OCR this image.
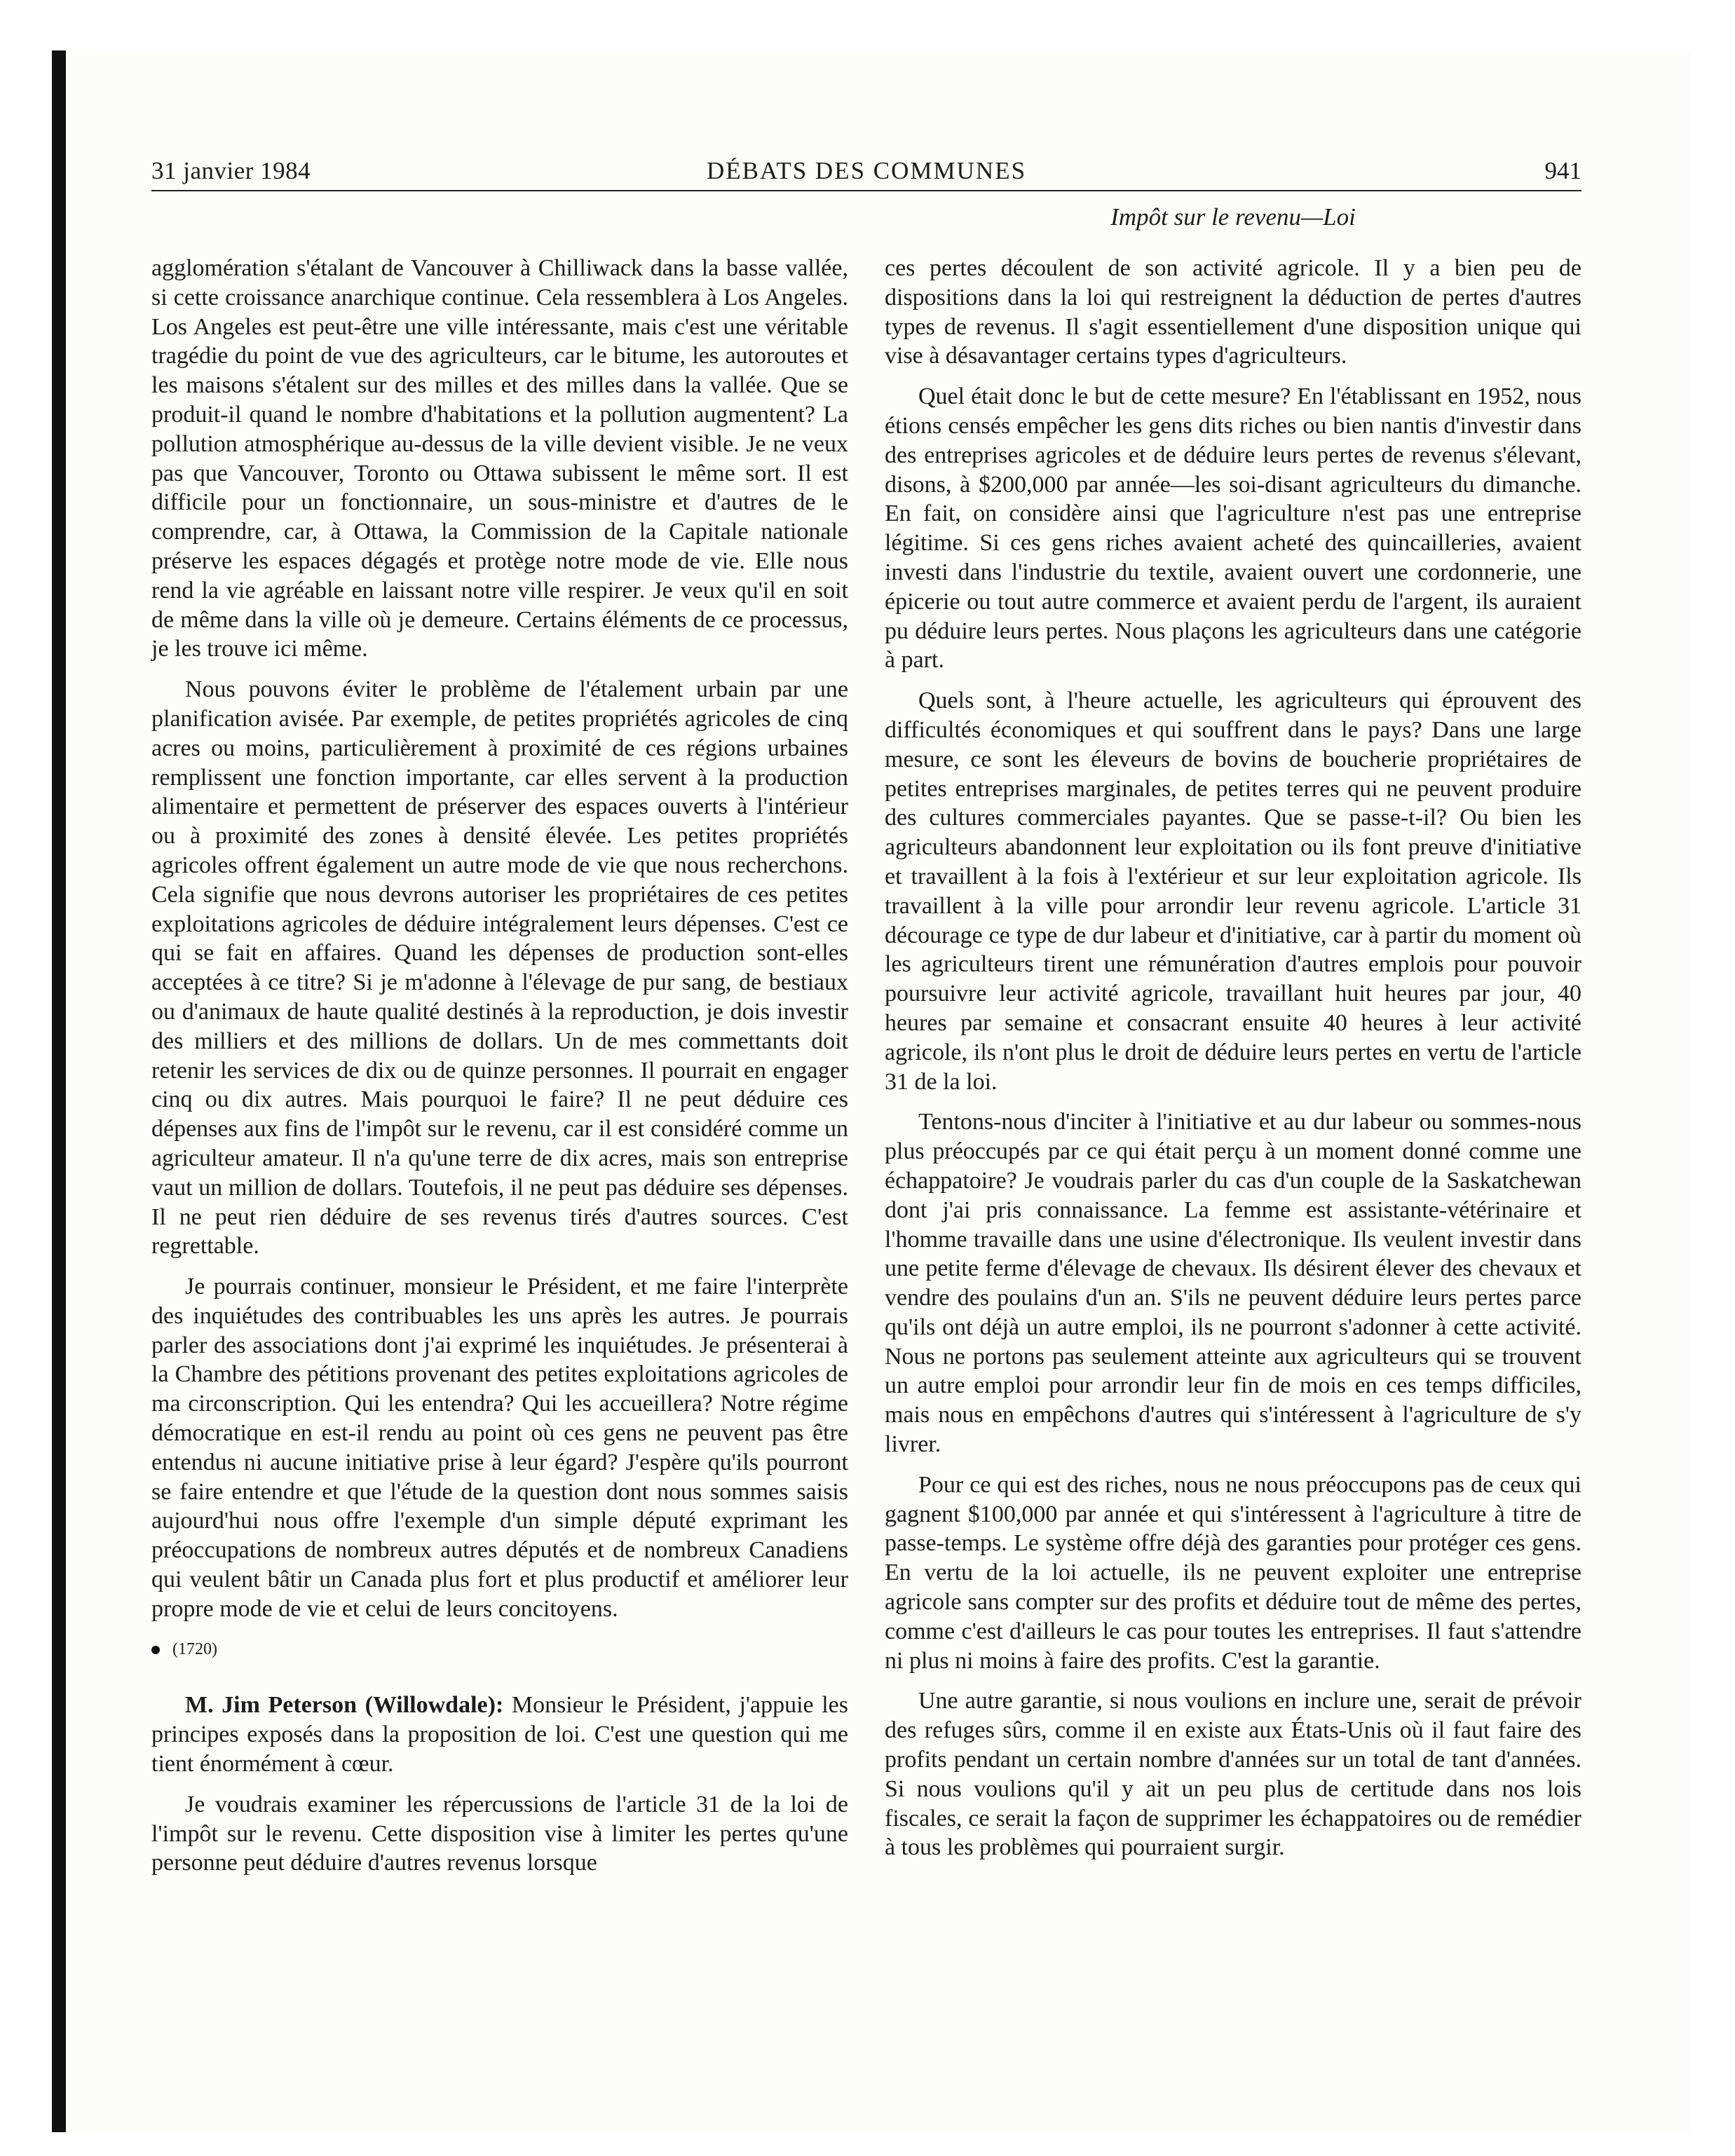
31 janvier 1984	DÉBATS DES COMMUNES	941
Impôt sur le revenu—Loi

agglomération s'étalant de Vancouver à Chilliwack dans la basse vallée, si cette croissance anarchique continue. Cela ressemblera à Los Angeles. Los Angeles est peut-être une ville intéressante, mais c'est une véritable tragédie du point de vue des agriculteurs, car le bitume, les autoroutes et les maisons s'étalent sur des milles et des milles dans la vallée. Que se produit-il quand le nombre d'habitations et la pollution augmentent? La pollution atmosphérique au-dessus de la ville devient visible. Je ne veux pas que Vancouver, Toronto ou Ottawa subissent le même sort. Il est difficile pour un fonctionnaire, un sous-ministre et d'autres de le comprendre, car, à Ottawa, la Commission de la Capitale nationale préserve les espaces dégagés et protège notre mode de vie. Elle nous rend la vie agréable en laissant notre ville respirer. Je veux qu'il en soit de même dans la ville où je demeure. Certains éléments de ce processus, je les trouve ici même.

Nous pouvons éviter le problème de l'étalement urbain par une planification avisée. Par exemple, de petites propriétés agricoles de cinq acres ou moins, particulièrement à proximité de ces régions urbaines remplissent une fonction importante, car elles servent à la production alimentaire et permettent de préserver des espaces ouverts à l'intérieur ou à proximité des zones à densité élevée. Les petites propriétés agricoles offrent également un autre mode de vie que nous recherchons. Cela signifie que nous devrons autoriser les propriétaires de ces petites exploitations agricoles de déduire intégralement leurs dépenses. C'est ce qui se fait en affaires. Quand les dépenses de production sont-elles acceptées à ce titre? Si je m'adonne à l'élevage de pur sang, de bestiaux ou d'animaux de haute qualité destinés à la reproduction, je dois investir des milliers et des millions de dollars. Un de mes commettants doit retenir les services de dix ou de quinze personnes. Il pourrait en engager cinq ou dix autres. Mais pourquoi le faire? Il ne peut déduire ces dépenses aux fins de l'impôt sur le revenu, car il est considéré comme un agriculteur amateur. Il n'a qu'une terre de dix acres, mais son entreprise vaut un million de dollars. Toutefois, il ne peut pas déduire ses dépenses. Il ne peut rien déduire de ses revenus tirés d'autres sources. C'est regrettable.

Je pourrais continuer, monsieur le Président, et me faire l'interprète des inquiétudes des contribuables les uns après les autres. Je pourrais parler des associations dont j'ai exprimé les inquiétudes. Je présenterai à la Chambre des pétitions provenant des petites exploitations agricoles de ma circonscription. Qui les entendra? Qui les accueillera? Notre régime démocratique en est-il rendu au point où ces gens ne peuvent pas être entendus ni aucune initiative prise à leur égard? J'espère qu'ils pourront se faire entendre et que l'étude de la question dont nous sommes saisis aujourd'hui nous offre l'exemple d'un simple député exprimant les préoccupations de nombreux autres députés et de nombreux Canadiens qui veulent bâtir un Canada plus fort et plus productif et améliorer leur propre mode de vie et celui de leurs concitoyens.

(1720)

M. Jim Peterson (Willowdale): Monsieur le Président, j'appuie les principes exposés dans la proposition de loi. C'est une question qui me tient énormément à cœur.

Je voudrais examiner les répercussions de l'article 31 de la loi de l'impôt sur le revenu. Cette disposition vise à limiter les pertes qu'une personne peut déduire d'autres revenus lorsque

ces pertes découlent de son activité agricole. Il y a bien peu de dispositions dans la loi qui restreignent la déduction de pertes d'autres types de revenus. Il s'agit essentiellement d'une disposition unique qui vise à désavantager certains types d'agriculteurs.

Quel était donc le but de cette mesure? En l'établissant en 1952, nous étions censés empêcher les gens dits riches ou bien nantis d'investir dans des entreprises agricoles et de déduire leurs pertes de revenus s'élevant, disons, à $200,000 par année—les soi-disant agriculteurs du dimanche. En fait, on considère ainsi que l'agriculture n'est pas une entreprise légitime. Si ces gens riches avaient acheté des quincailleries, avaient investi dans l'industrie du textile, avaient ouvert une cordonnerie, une épicerie ou tout autre commerce et avaient perdu de l'argent, ils auraient pu déduire leurs pertes. Nous plaçons les agriculteurs dans une catégorie à part.

Quels sont, à l'heure actuelle, les agriculteurs qui éprouvent des difficultés économiques et qui souffrent dans le pays? Dans une large mesure, ce sont les éleveurs de bovins de boucherie propriétaires de petites entreprises marginales, de petites terres qui ne peuvent produire des cultures commerciales payantes. Que se passe-t-il? Ou bien les agriculteurs abandonnent leur exploitation ou ils font preuve d'initiative et travaillent à la fois à l'extérieur et sur leur exploitation agricole. Ils travaillent à la ville pour arrondir leur revenu agricole. L'article 31 décourage ce type de dur labeur et d'initiative, car à partir du moment où les agriculteurs tirent une rémunération d'autres emplois pour pouvoir poursuivre leur activité agricole, travaillant huit heures par jour, 40 heures par semaine et consacrant ensuite 40 heures à leur activité agricole, ils n'ont plus le droit de déduire leurs pertes en vertu de l'article 31 de la loi.

Tentons-nous d'inciter à l'initiative et au dur labeur ou sommes-nous plus préoccupés par ce qui était perçu à un moment donné comme une échappatoire? Je voudrais parler du cas d'un couple de la Saskatchewan dont j'ai pris connaissance. La femme est assistante-vétérinaire et l'homme travaille dans une usine d'électronique. Ils veulent investir dans une petite ferme d'élevage de chevaux. Ils désirent élever des chevaux et vendre des poulains d'un an. S'ils ne peuvent déduire leurs pertes parce qu'ils ont déjà un autre emploi, ils ne pourront s'adonner à cette activité. Nous ne portons pas seulement atteinte aux agriculteurs qui se trouvent un autre emploi pour arrondir leur fin de mois en ces temps difficiles, mais nous en empêchons d'autres qui s'intéressent à l'agriculture de s'y livrer.

Pour ce qui est des riches, nous ne nous préoccupons pas de ceux qui gagnent $100,000 par année et qui s'intéressent à l'agriculture à titre de passe-temps. Le système offre déjà des garanties pour protéger ces gens. En vertu de la loi actuelle, ils ne peuvent exploiter une entreprise agricole sans compter sur des profits et déduire tout de même des pertes, comme c'est d'ailleurs le cas pour toutes les entreprises. Il faut s'attendre ni plus ni moins à faire des profits. C'est la garantie.

Une autre garantie, si nous voulions en inclure une, serait de prévoir des refuges sûrs, comme il en existe aux États-Unis où il faut faire des profits pendant un certain nombre d'années sur un total de tant d'années. Si nous voulions qu'il y ait un peu plus de certitude dans nos lois fiscales, ce serait la façon de supprimer les échappatoires ou de remédier à tous les problèmes qui pourraient surgir.
